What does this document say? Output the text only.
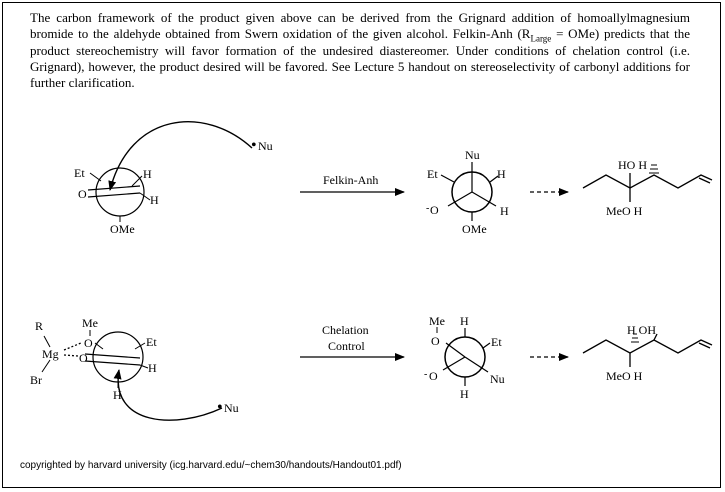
The carbon framework of the product given above can be derived from the Grignard addition of homoallylmagnesium bromide to the aldehyde obtained from Swern oxidation of the given alcohol. Felkin-Anh $(R_{Large} = OMe)$ predicts that the product stereochemistry will favor formation of the undesired diastereomer. Under conditions of chelation control (i.e. Grignard), however, the product desired will be favored. See Lecture 5 handout on stereoselectivity of carbonyl additions for further clarification.

• Nu
Et
O
H
H
OMe
Felkin-Anh
Nu
Et
- O
H
H
OMe
HO H
MeO H
R
Mg
Br
Me
O
O
Et
H
H
• Nu
Chelation
Control
Me
O
H
Et
- O	Nu
H
H OH
MeO H
copyrighted by harvard university (icg.harvard.edu/~chem30/handouts/Handout01.pdf)
